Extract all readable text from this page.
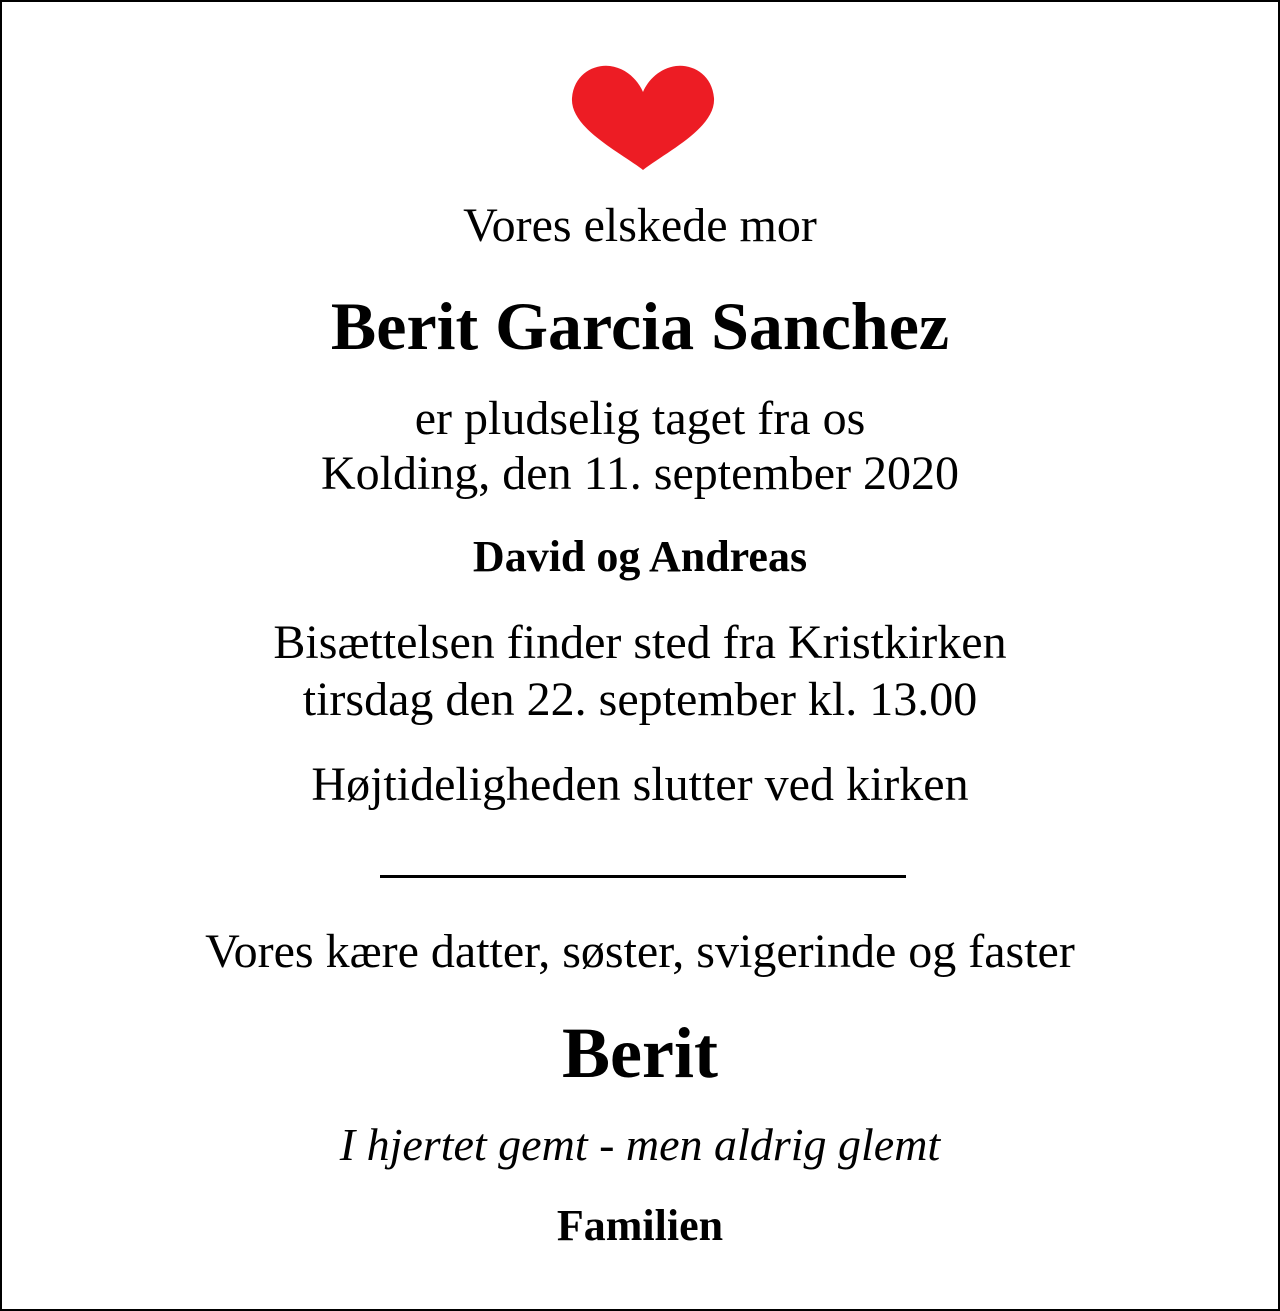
Vores elskede mor
Berit Garcia Sanchez
er pludselig taget fra os
Kolding, den 11. september 2020
David og Andreas
Bisættelsen finder sted fra Kristkirken
tirsdag den 22. september kl. 13.00
Højtideligheden slutter ved kirken
Vores kære datter, søster, svigerinde og faster
Berit
I hjertet gemt - men aldrig glemt
Familien
